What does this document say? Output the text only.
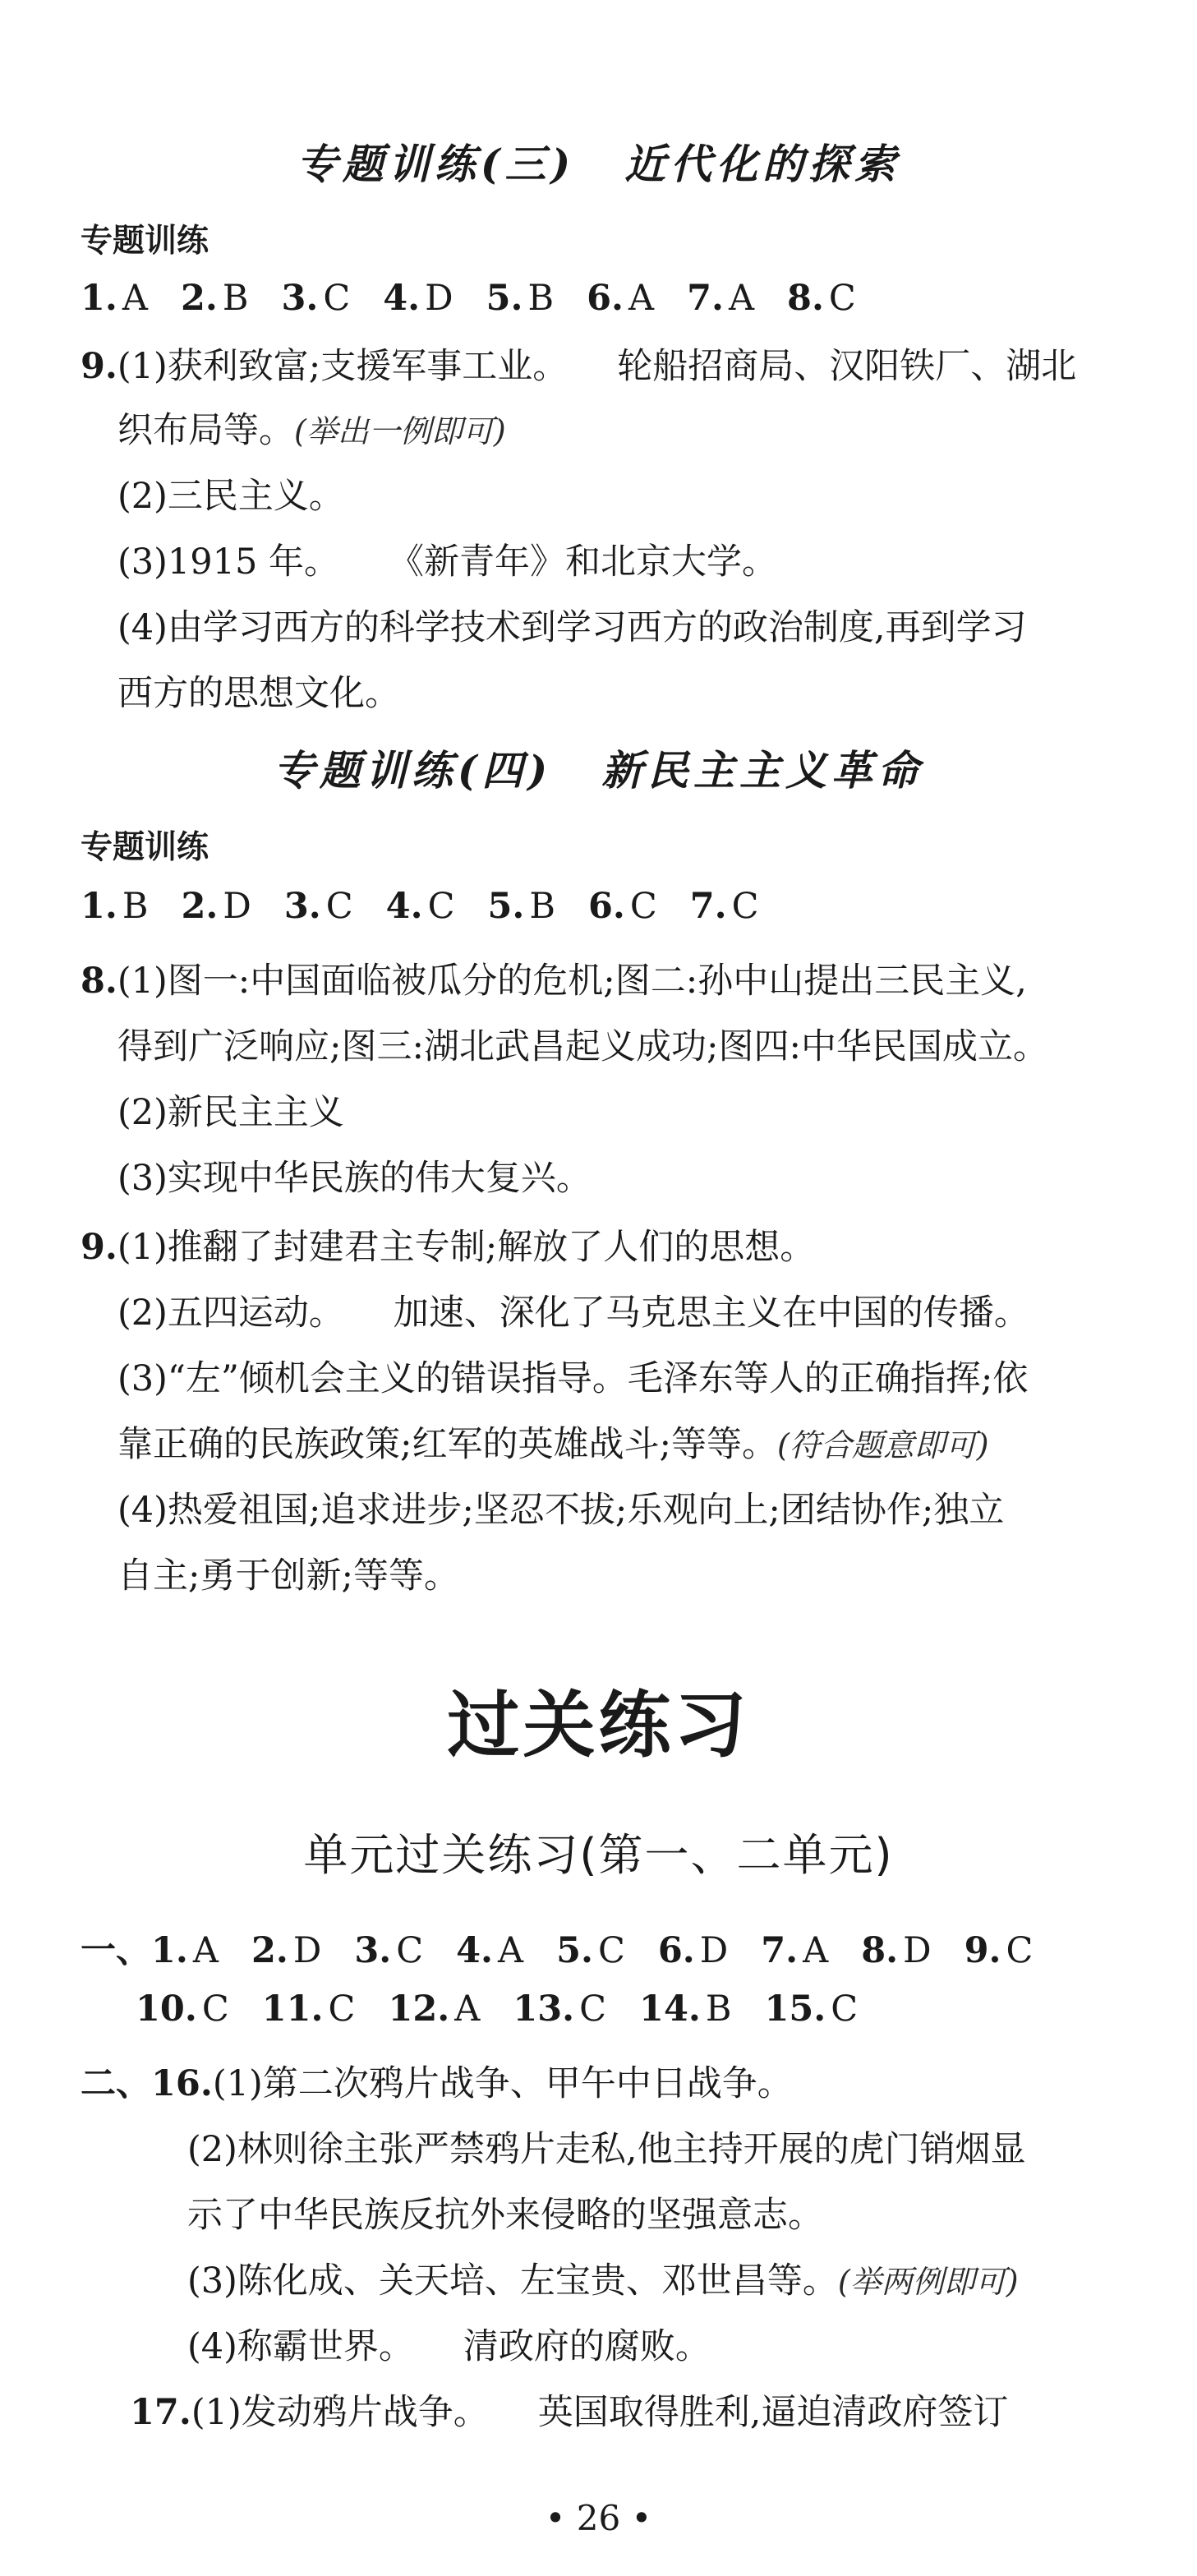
专题训练(三) 近代化的探索
专题训练
1. A 2. B 3. C 4. D 5. B 6. A 7. A 8. C
9.(1)获利致富;支援军事工业。 轮船招商局、汉阳铁厂、湖北
织布局等。(举出一例即可)
(2)三民主义。
(3)1915 年。 《新青年》和北京大学。
(4)由学习西方的科学技术到学习西方的政治制度,再到学习
西方的思想文化。
专题训练(四) 新民主主义革命
专题训练
1. B 2. D 3. C 4. C 5. B 6. C 7. C
8.(1)图一:中国面临被瓜分的危机;图二:孙中山提出三民主义,
得到广泛响应;图三:湖北武昌起义成功;图四:中华民国成立。
(2)新民主主义
(3)实现中华民族的伟大复兴。
9.(1)推翻了封建君主专制;解放了人们的思想。
(2)五四运动。 加速、深化了马克思主义在中国的传播。
(3)“左”倾机会主义的错误指导。毛泽东等人的正确指挥;依
靠正确的民族政策;红军的英雄战斗;等等。(符合题意即可)
(4)热爱祖国;追求进步;坚忍不拔;乐观向上;团结协作;独立
自主;勇于创新;等等。
过关练习
单元过关练习(第一、二单元)
一、1. A 2. D 3. C 4. A 5. C 6. D 7. A 8. D 9. C
10. C 11. C 12. A 13. C 14. B 15. C
二、16.(1)第二次鸦片战争、甲午中日战争。
(2)林则徐主张严禁鸦片走私,他主持开展的虎门销烟显
示了中华民族反抗外来侵略的坚强意志。
(3)陈化成、关天培、左宝贵、邓世昌等。(举两例即可)
(4)称霸世界。 清政府的腐败。
17.(1)发动鸦片战争。 英国取得胜利,逼迫清政府签订
• 26 •
